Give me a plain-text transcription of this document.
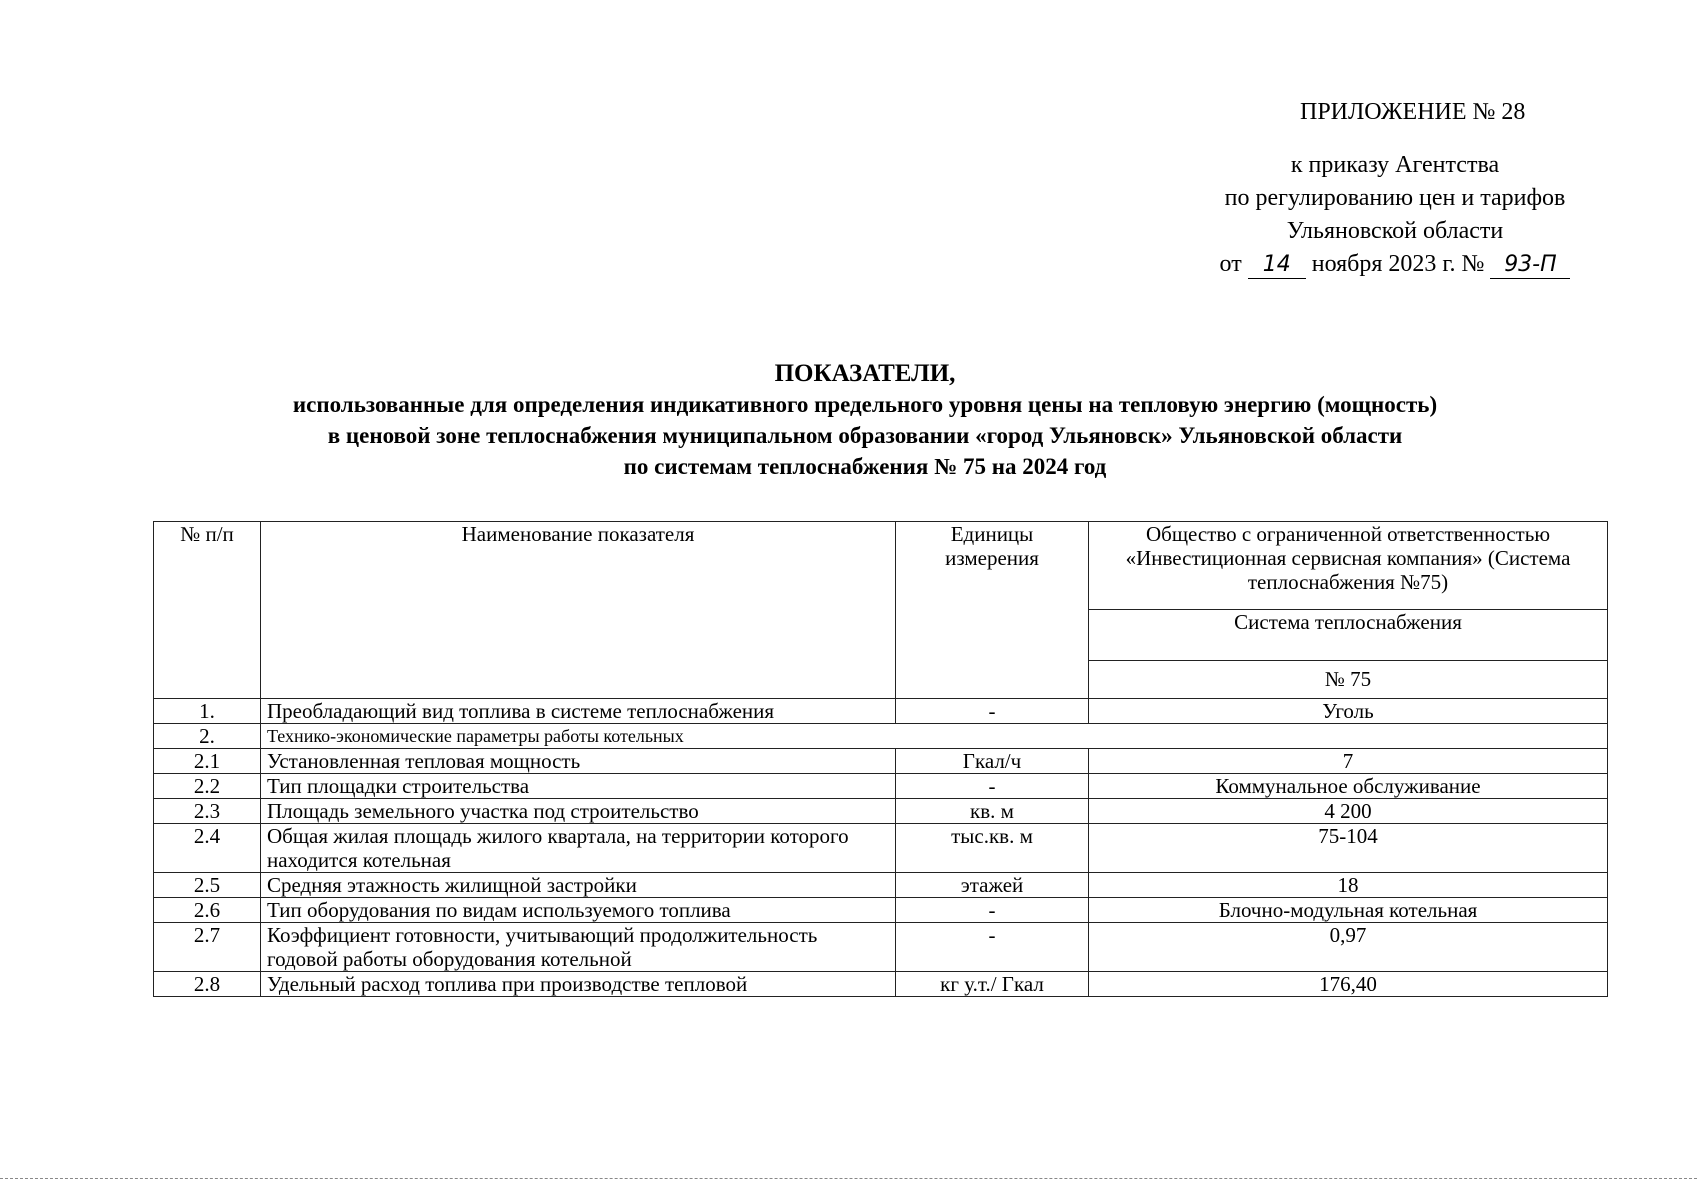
ПРИЛОЖЕНИЕ № 28
к приказу Агентства
по регулированию цен и тарифов
Ульяновской области
от 14 ноября 2023 г. № 93-П
ПОКАЗАТЕЛИ,
использованные для определения индикативного предельного уровня цены на тепловую энергию (мощность)
в ценовой зоне теплоснабжения муниципальном образовании «город Ульяновск» Ульяновской области
по системам теплоснабжения № 75 на 2024 год
№ п/п	Наименование показателя	Единицы измерения	Общество с ограниченной ответственностью «Инвестиционная сервисная компания» (Система теплоснабжения №75)
			Система теплоснабжения
			№ 75
1.	Преобладающий вид топлива в системе теплоснабжения	-	Уголь
2.	Технико-экономические параметры работы котельных		
2.1	Установленная тепловая мощность	Гкал/ч	7
2.2	Тип площадки строительства	-	Коммунальное обслуживание
2.3	Площадь земельного участка под строительство	кв. м	4 200
2.4	Общая жилая площадь жилого квартала, на территории которого находится котельная	тыс.кв. м	75-104
2.5	Средняя этажность жилищной застройки	этажей	18
2.6	Тип оборудования по видам используемого топлива	-	Блочно-модульная котельная
2.7	Коэффициент готовности, учитывающий продолжительность годовой работы оборудования котельной	-	0,97
2.8	Удельный расход топлива при производстве тепловой	кг у.т./ Гкал	176,40
